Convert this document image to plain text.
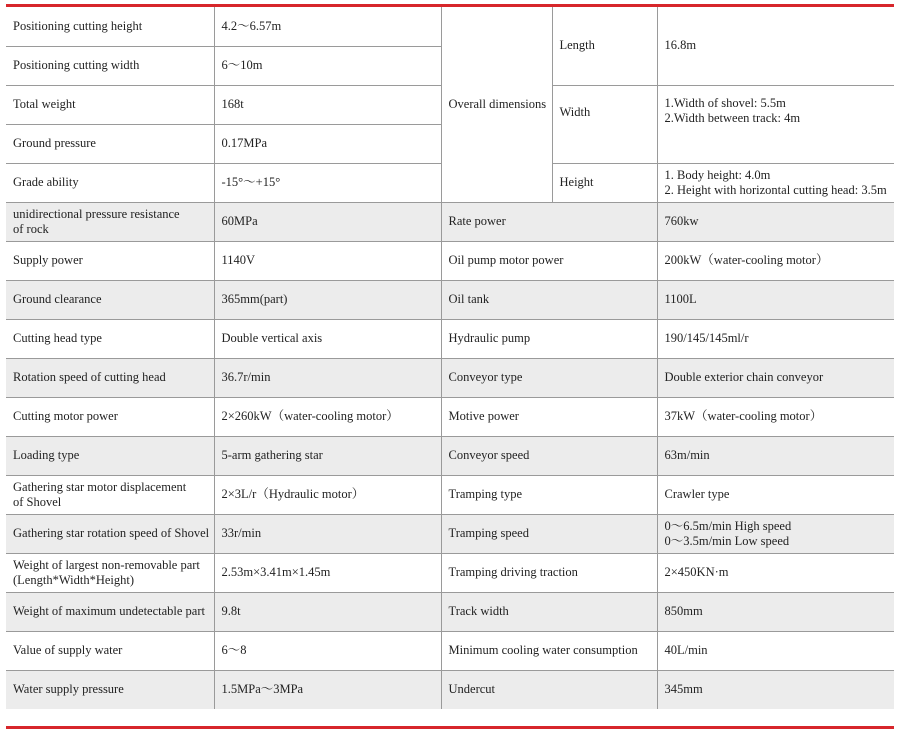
Positioning cutting height	4.2～6.57m	Overall dimensions	Length	16.8m
Positioning cutting width	6～10m			
Total weight	168t		Width	1.Width of shovel: 5.5m
2.Width between track: 4m

Ground pressure	0.17MPa			
Grade ability	-15°～+15°		Height	1. Body height: 4.0m
2. Height with horizontal cutting head: 3.5m

unidirectional pressure resistance
of rock	60MPa	Rate power		760kw

Supply power	1140V	Oil pump motor power		200kW（water-cooling motor）

Ground clearance	365mm(part)	Oil tank		1100L

Cutting head type	Double vertical axis	Hydraulic pump		190/145/145ml/r

Rotation speed of cutting head	36.7r/min	Conveyor type		Double exterior chain conveyor

Cutting motor power	2×260kW（water-cooling motor）	Motive power		37kW（water-cooling motor）

Loading type	5-arm gathering star	Conveyor speed		63m/min

Gathering star motor displacement
of Shovel	2×3L/r（Hydraulic motor）	Tramping type		Crawler type

Gathering star rotation speed of Shovel	33r/min	Tramping speed		0～6.5m/min High speed
0～3.5m/min Low speed

Weight of largest non-removable part
(Length*Width*Height)	2.53m×3.41m×1.45m	Tramping driving traction		2×450KN·m

Weight of maximum undetectable part	9.8t	Track width		850mm

Value of supply water	6～8	Minimum cooling water consumption		40L/min

Water supply pressure	1.5MPa～3MPa	Undercut		345mm
